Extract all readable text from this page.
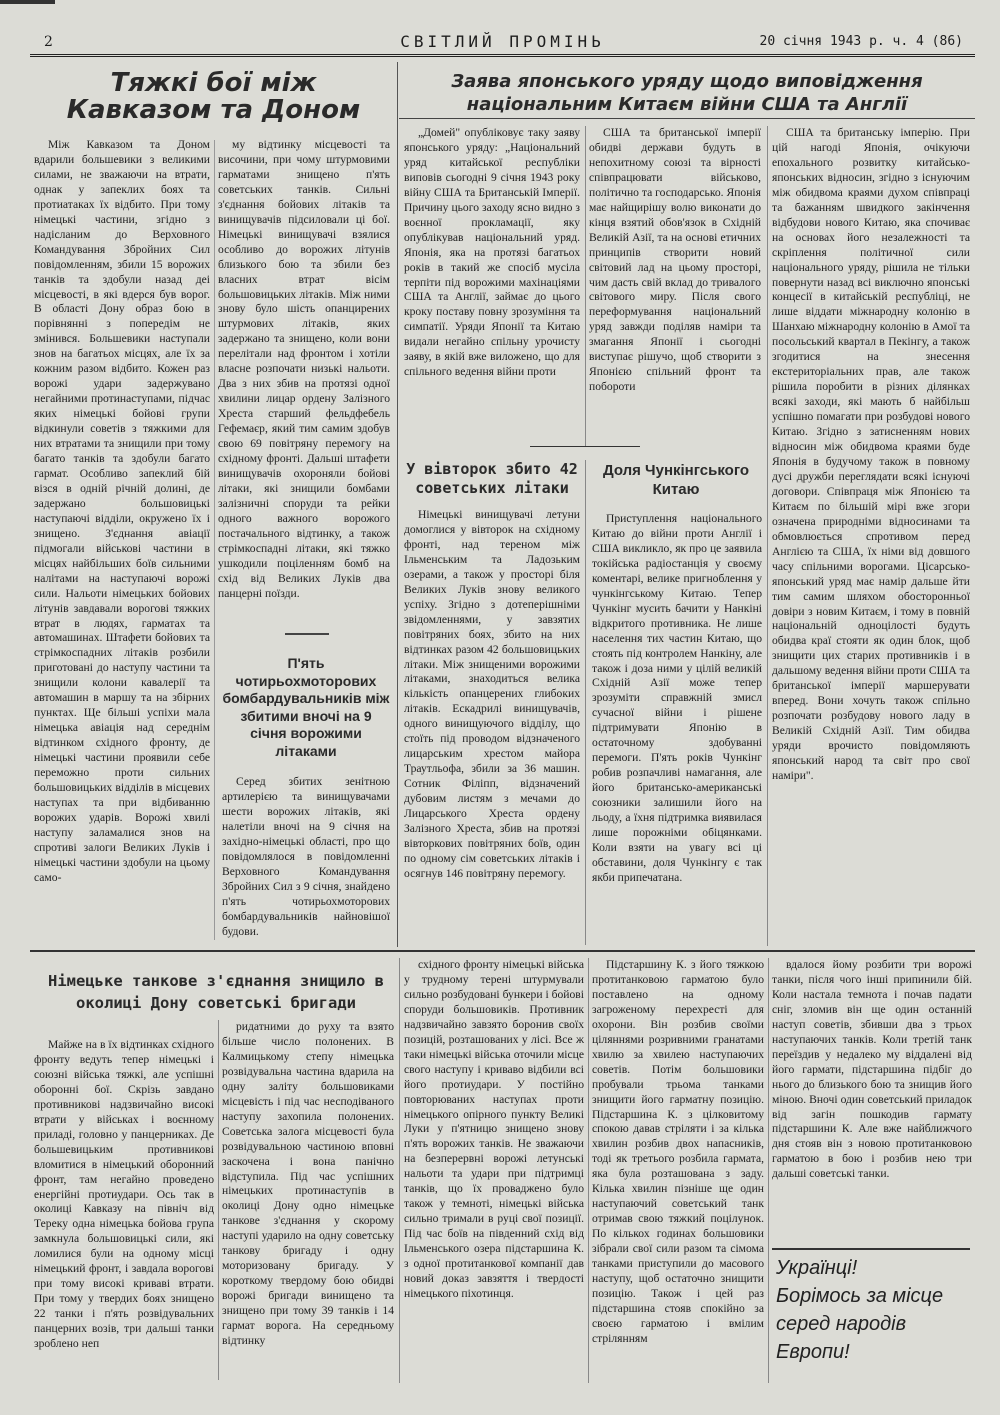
2	СВІТЛИЙ ПРОМІНЬ	20 січня 1943 р. ч. 4 (86)
Тяжкі бої між Кавказом та Доном

Між Кавказом та Доном вдарили большевики з великими силами, не зважаючи на втрати, однак у запеклих боях та протиатаках їх відбито. При тому німецькі частини, згідно з надісланим до Верховного Командування Збройних Сил повідомленням, збили 15 ворожих танків та здобули назад деі місцевості, в які вдерся був ворог. В області Дону образ бою в порівнянні з попередім не змінився. Большевики наступали знов на багатьох місцях, але їх за кожним разом відбито. Кожен раз ворожі удари задержувано негайними протинаступами, підчас яких німецькі бойові групи відкинули советів з тяжкими для них втратами та знищили при тому багато танків та здобули багато гармат. Особливо запеклий бій візся в одній річній долині, де задержано большовицькі наступаючі відділи, окружено їх і знищено. З'єднання авіації підмогали військові частини в місцях найбільших боїв сильними налітами на наступаючі ворожі сили. Нальоти німецьких бойових літунів завдавали ворогові тяжких втрат в людях, гарматах та автомашинах. Штафети бойових та стрімкоспадних літаків розбили приготовані до наступу частини та знищили колони кавалерії та автомашин в маршу та на збірних пунктах. Ще більші успіхи мала німецька авіація над середнім відтинком східного фронту, де німецькі частини проявили себе переможно проти сильних большовицьких відділів в місцевих наступах та при відбиванню ворожих ударів. Ворожі хвилі наступу заламалися знов на спротиві залоги Великих Луків і німецькі частини здобули на цьому само-

му відтинку місцевості та височини, при чому штурмовими гарматами знищено п'ять советських танків. Сильні з'єднання бойових літаків та винищувачів підсиловали ці бої. Німецькі винищувачі взялися особливо до ворожих літунів близького бою та збили без власних втрат вісім большовицьких літаків. Між ними знову було шість опанцирених штурмових літаків, яких задержано та знищено, коли вони перелітали над фронтом і хотіли власне розпочати низькі нальоти. Два з них збив на протязі одної хвилини лицар ордену Залізного Хреста старший фельдфебель Гефемаєр, який тим самим здобув свою 69 повітряну перемогу на східному фронті. Дальші штафети винищувачів охороняли бойові літаки, які знищили бомбами залізничні споруди та рейки одного важного ворожого постачального відтинку, а також стрімкоспадні літаки, які тяжко ушкодили поціленням бомб на схід від Великих Луків два панцерні поїзди.

П'ять чотирьохмоторових бомбардувальників між збитими вночі на 9 січня ворожими літаками

Серед збитих зенітною артилерією та винищувачами шести ворожих літаків, які налетіли вночі на 9 січня на західно-німецькі області, про що повідомлялося в повідомленні Верховного Командування Збройних Сил з 9 січня, знайдено п'ять чотирьохмоторових бомбардувальників найновішої будови.

Заява японського уряду щодо виповідження національним Китаєм війни США та Англії

„Домей" опубліковує таку заяву японського уряду: „Національний уряд китайської республіки виповів сьогодні 9 січня 1943 року війну США та Британській Імперії. Причину цього заходу ясно видно з воєнної прокламації, яку опублікував національний уряд. Японія, яка на протязі багатьох років в такий же спосіб мусіла терпіти під ворожими махінаціями США та Англії, займає до цього кроку поставу повну зрозуміння та симпатії. Уряди Японії та Китаю видали негайно спільну урочисту заяву, в якій вже виложено, що для спільного ведення війни проти

США та британської імперії обидві держави будуть в непохитному союзі та вірності співпрацювати військово, політично та господарсько. Японія має найщирішу волю виконати до кінця взятий обов'язок в Східній Великій Азії, та на основі етичних принципів створити новий світовий лад на цьому просторі, чим дасть свій вклад до тривалого світового миру. Після свого переформування національний уряд завжди поділяв наміри та змагання Японії і сьогодні виступає рішучо, щоб створити з Японією спільний фронт та побороти

США та британську імперію. При цій нагоді Японія, очікуючи епохального розвитку китайсько-японських відносин, згідно з існуючим між обидвома краями духом співпраці та бажанням швидкого закінчення відбудови нового Китаю, яка спочиває на основах його незалежності та скріплення політичної сили національного уряду, рішила не тільки повернути назад всі виключно японські концесії в китайській республіці, не лише віддати міжнародну колонію в Шанхаю міжнародну колонію в Амої та посольський квартал в Пекінгу, а також згодитися на знесення екстериторіальних прав, але також рішила поробити в різних ділянках всякі заходи, які мають б найбільш успішно помагати при розбудові нового Китаю. Згідно з затисненням нових відносин між обидвома краями буде Японія в будучому також в повному дусі дружби переглядати всякі існуючі договори. Співпраця між Японією та Китаєм по більшій мірі вже згори означена природніми відносинами та обмовлюється спротивом перед Англією та США, їх німи від довшого часу спільними ворогами. Цісарсько-японський уряд має намір дальше йти тим самим шляхом обосторонньої довіри з новим Китаєм, і тому в повній національній одноцілості будуть обидва краї стояти як один блок, щоб знищити цих старих противників і в дальшому ведення війни проти США та британської імперії маршерувати вперед. Вони хочуть також спільно розпочати розбудову нового ладу в Великій Східній Азії. Тим обидва уряди врочисто повідомляють японський народ та світ про свої наміри".

У вівторок збито 42 советських літаки

Німецькі винищувачі летуни домоглися у вівторок на східному фронті, над тереном між Ільменським та Ладозьким озерами, а також у просторі біля Великих Луків знову великого успіху. Згідно з дотеперішніми звідомленнями, у завзятих повітряних боях, збито на них відтинках разом 42 большовицьких літаки. Між знищеними ворожими літаками, знаходиться велика кількість опанцерених глибоких літаків. Ескадрилі винищувачів, одного винищуючого відділу, що стоїть під проводом відзначеного лицарським хрестом майора Траутльофа, збили за 36 машин. Сотник Філіпп, відзначений дубовим листям з мечами до Лицарського Хреста ордену Залізного Хреста, збив на протязі вівторкових повітряних боїв, один по одному сім советських літаків і осягнув 146 повітряну перемогу.

Доля Чункінгського Китаю

Приступлення національного Китаю до війни проти Англії і США викликло, як про це заявила токійська радіостанція у своєму коментарі, велике пригноблення у чункінгському Китаю. Тепер Чункінг мусить бачити у Нанкіні відкритого противника. Не лише населення тих частин Китаю, що стоять під контролем Нанкіну, але також і доза ними у цілій великій Східній Азії може тепер зрозуміти справжній змисл сучасної війни і рішене підтримувати Японію в остаточному здобуванні перемоги. П'ять років Чункінг робив розпачливі намагання, але його британсько-американські союзники залишили його на льоду, а їхня підтримка виявилася лише порожніми обіцянками. Коли взяти на увагу всі ці обставини, доля Чункінгу є так якби припечатана.

Німецьке танкове з'єднання знищило в околиці Дону советські бригади

Майже на в їх відтинках східного фронту ведуть тепер німецькі і союзні війська тяжкі, але успішні оборонні бої. Скрізь завдано противникові надзвичайно високі втрати у військах і воєнному приладі, головно у панцерниках. Де большевицьким противникові вломитися в німецький оборонний фронт, там негайно проведено енергійні протиудари. Ось так в околиці Кавказу на північ від Тереку одна німецька бойова група замкнула большовицькі сили, які ломилися були на одному місці німецький фронт, і завдала ворогові при тому високі кривавi втрати. При тому у твердих боях знищено 22 танки і п'ять розвідувальних панцерних возів, три дальші танки зроблено неп

ридатними до руху та взято більше число полонених. В Калмицькому степу німецька розвідувальна частина вдарила на одну заліту большовиками місцевість і під час несподіваного наступу захопила полонених. Советська залога місцевості була розвідувальною частиною вповні заскочена і вона панічно відступила. Під час успішних німецьких протинаступів в околиці Дону одно німецьке танкове з'єднання у скорому наступі ударило на одну советську танкову бригаду і одну моторизовану бригаду. У короткому твердому бою обидві ворожі бригади винищено та знищено при тому 39 танків і 14 гармат ворога. На середньому відтинку

східного фронту німецькі війська у трудному терені штурмували сильно розбудовані бункери і бойові споруди большовиків. Противник надзвичайно завзято боронив своїх позицій, розташованих у лісі. Все ж таки німецькі війська оточили місце свого наступу і криваво відбили всі його протиудари. У постійно повторюваних наступах проти німецького опірного пункту Великі Луки у п'ятницю знищено знову п'ять ворожих танків. Не зважаючи на безперервні ворожі летунські нальоти та удари при підтримці танків, що їх проваджено було також у темноті, німецькі війська сильно тримали в руці свої позиції. Під час боїв на південний схід від Ільменського озера підстаршина К. з одної протитанкової компанії дав новий доказ завзяття і твердості німецького піхотинця.

Підстаршину К. з його тяжкою протитанковою гарматою було поставлено на одному загроженому перехресті для охорони. Він розбив своїми ціляннями розривними гранатами хвилю за хвилею наступаючих советів. Потім большовики пробували трьома танками знищити його гарматну позицію. Підстаршина К. з цілковитому спокою давав стріляти і за кілька хвилин розбив двох напасників, тоді як третього розбила гармата, яка була розташована з заду. Кілька хвилин пізніше ще один наступаючий советський танк отримав свою тяжкий поцілунок. По кількох годинах большовики зібрали свої сили разом та сімома танками приступили до масового наступу, щоб остаточно знищити позицію. Також і цей раз підстаршина стояв спокійно за своєю гарматою і вмілим стрілянням

вдалося йому розбити три ворожі танки, після чого інші припинили бій. Коли настала темнота і почав падати сніг, зломив він ще один останній наступ советів, збивши два з трьох наступаючих танків. Коли третій танк переїздив у недалеко му віддалені від його гармати, підстаршина підбіг до нього до близького бою та знищив його міною. Вночі один советський приладок від загін пошкодив гармату підстаршини К. Але вже найближчого дня стояв він з новою протитанковою гарматою в бою і розбив нею три дальші советські танки.

Українці!
Борімось за місце
серед народів
Европи!
